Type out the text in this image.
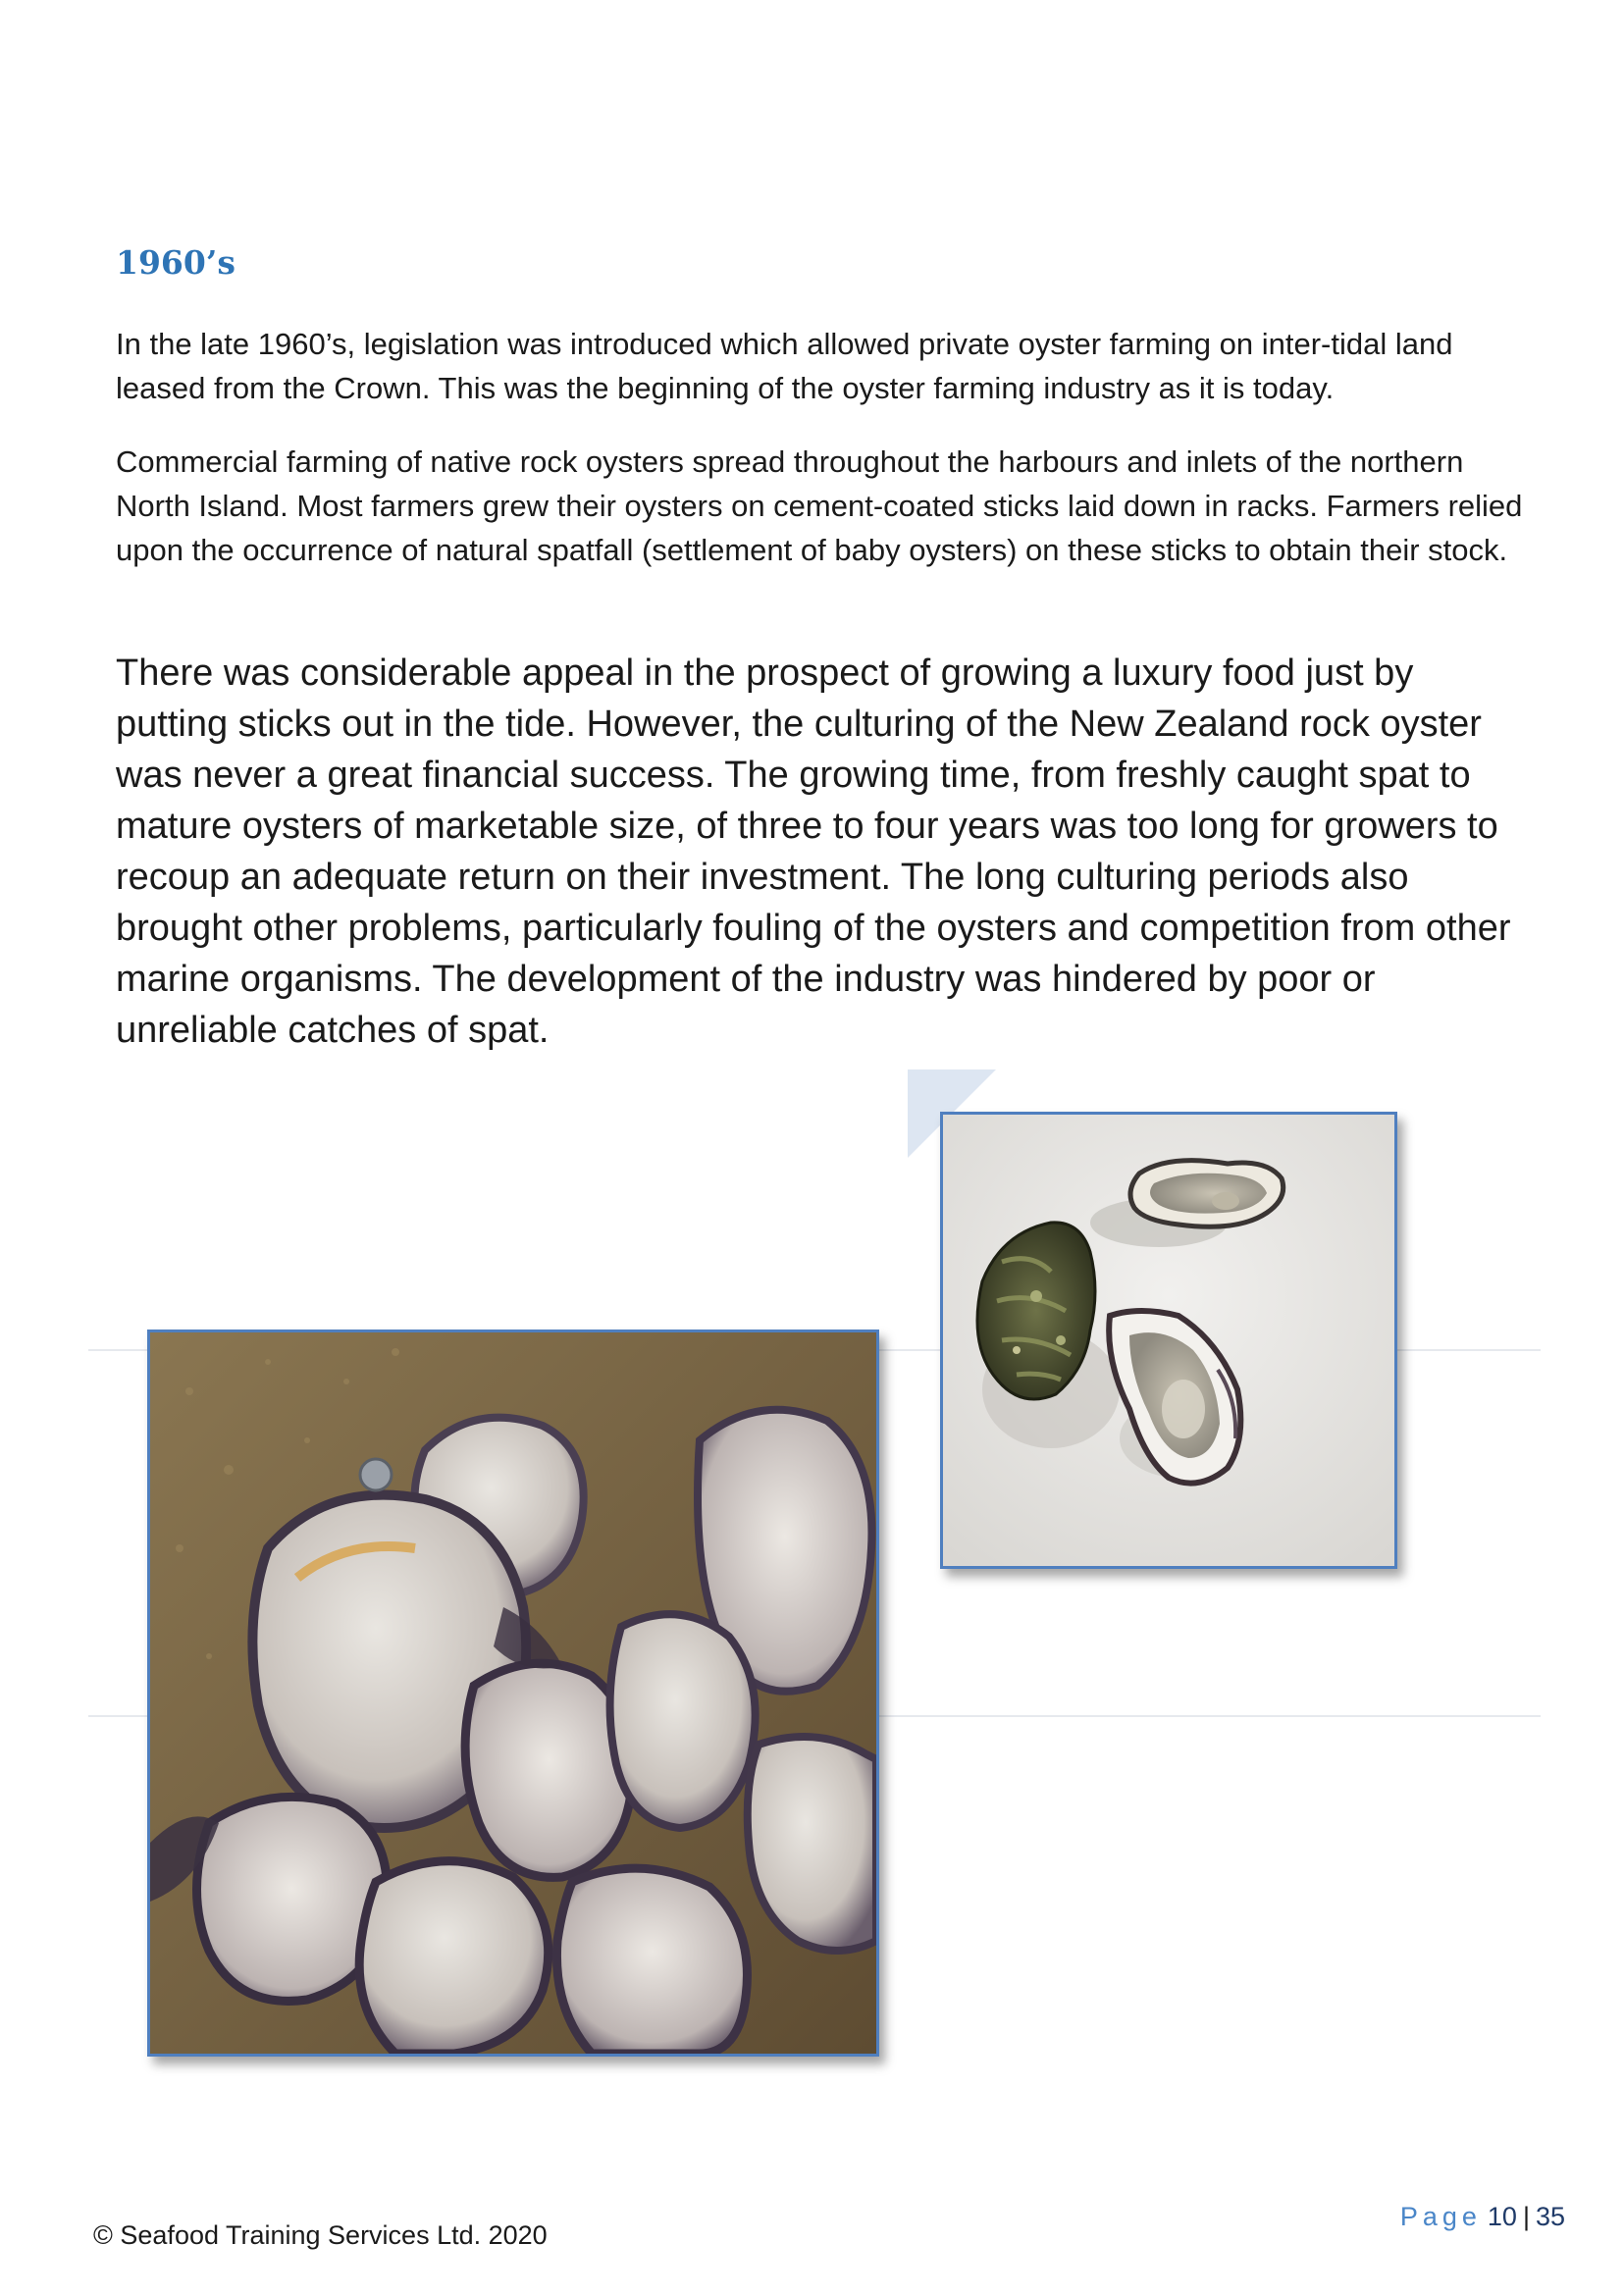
1960’s

In the late 1960’s, legislation was introduced which allowed private oyster farming on inter-tidal land leased from the Crown. This was the beginning of the oyster farming industry as it is today.

Commercial farming of native rock oysters spread throughout the harbours and inlets of the northern North Island. Most farmers grew their oysters on cement-coated sticks laid down in racks. Farmers relied upon the occurrence of natural spatfall (settlement of baby oysters) on these sticks to obtain their stock.

There was considerable appeal in the prospect of growing a luxury food just by putting sticks out in the tide. However, the culturing of the New Zealand rock oyster was never a great financial success. The growing time, from freshly caught spat to mature oysters of marketable size, of three to four years was too long for growers to recoup an adequate return on their investment. The long culturing periods also brought other problems, particularly fouling of the oysters and competition from other marine organisms. The development of the industry was hindered by poor or unreliable catches of spat.

© Seafood Training Services Ltd. 2020
Page 10 | 35
